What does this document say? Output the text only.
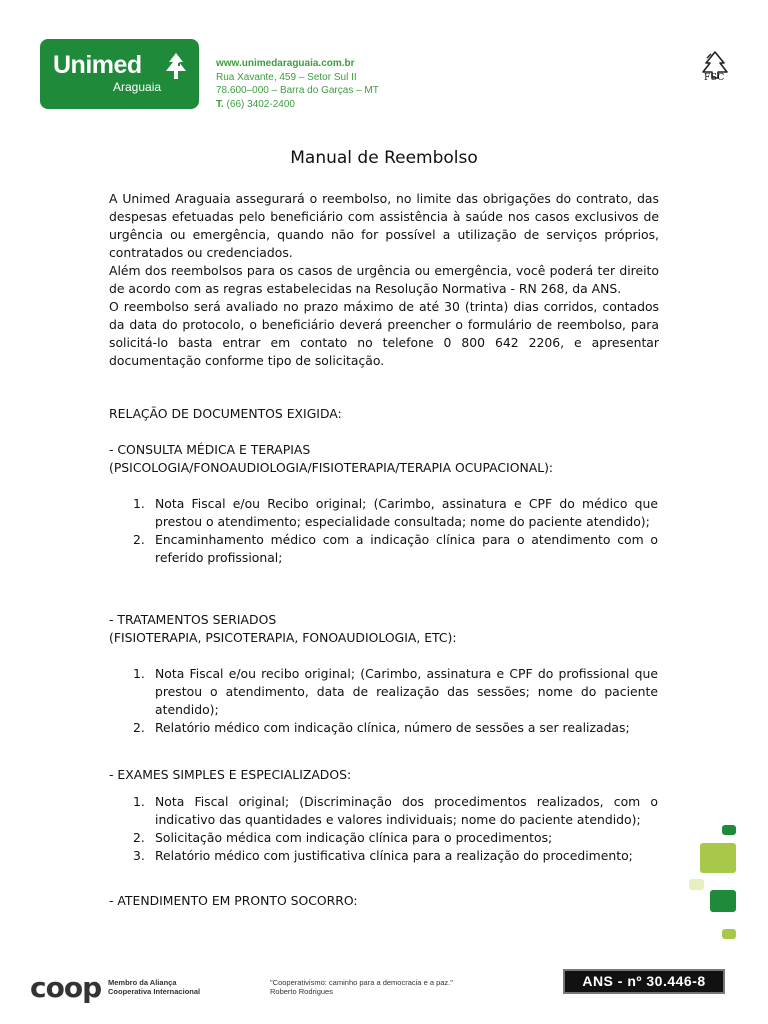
Unimed
Araguaia
www.unimedaraguaia.com.br
Rua Xavante, 459 – Setor Sul II
78.600–000 – Barra do Garças – MT
T. (66) 3402-2400
FSC
Manual de Reembolso

A Unimed Araguaia assegurará o reembolso, no limite das obrigações do contrato, das despesas efetuadas pelo beneficiário com assistência à saúde nos casos exclusivos de urgência ou emergência, quando não for possível a utilização de serviços próprios, contratados ou credenciados.

Além dos reembolsos para os casos de urgência ou emergência, você poderá ter direito de acordo com as regras estabelecidas na Resolução Normativa - RN 268, da ANS.

O reembolso será avaliado no prazo máximo de até 30 (trinta) dias corridos, contados da data do protocolo, o beneficiário deverá preencher o formulário de reembolso, para solicitá-lo basta entrar em contato no telefone 0 800 642 2206, e apresentar documentação conforme tipo de solicitação.

RELAÇÃO DE DOCUMENTOS EXIGIDA:
- CONSULTA MÉDICA E TERAPIAS
(PSICOLOGIA/FONOAUDIOLOGIA/FISIOTERAPIA/TERAPIA OCUPACIONAL):
1. Nota Fiscal e/ou Recibo original; (Carimbo, assinatura e CPF do médico que prestou o atendimento; especialidade consultada; nome do paciente atendido);
2. Encaminhamento médico com a indicação clínica para o atendimento com o referido profissional;
- TRATAMENTOS SERIADOS
(FISIOTERAPIA, PSICOTERAPIA, FONOAUDIOLOGIA, ETC):
1. Nota Fiscal e/ou recibo original; (Carimbo, assinatura e CPF do profissional que prestou o atendimento, data de realização das sessões; nome do paciente atendido);
2. Relatório médico com indicação clínica, número de sessões a ser realizadas;
- EXAMES SIMPLES E ESPECIALIZADOS:
1. Nota Fiscal original; (Discriminação dos procedimentos realizados, com o indicativo das quantidades e valores individuais; nome do paciente atendido);
2. Solicitação médica com indicação clínica para o procedimentos;
3. Relatório médico com justificativa clínica para a realização do procedimento;
- ATENDIMENTO EM PRONTO SOCORRO:
coop Membro da Aliança
Cooperativa Internacional
"Cooperativismo: caminho para a democracia e a paz."
Roberto Rodrigues
ANS - nº 30.446-8
